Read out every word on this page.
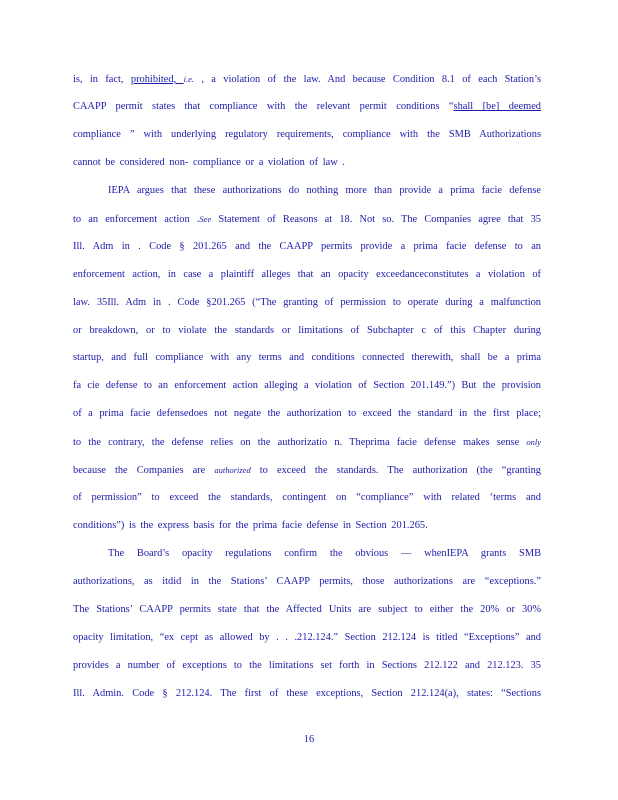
is, in fact, prohibited, i.e. , a violation of the law. And because Condition 8.1 of each Station’s
CAAPP permit states that compliance with the relevant permit conditions “shall [be] deemed
compliance ” with underlying regulatory requirements, compliance with the SMB Authorizations
cannot be considered non- compliance or a violation of law .
IEPA argues that these authorizations do nothing more than provide a prima facie defense
to an enforcement action .See Statement of Reasons at 18. Not so. The Companies agree that 35
Ill. Adm in . Code § 201.265 and the CAAPP permits provide a prima facie defense to an
enforcement action, in case a plaintiff alleges that an opacity exceedanceconstitutes a violation of
law. 35Ill. Adm in . Code §201.265 (“The granting of permission to operate during a malfunction
or breakdown, or to violate the standards or limitations of Subchapter c of this Chapter during
startup, and full compliance with any terms and conditions connected therewith, shall be a prima
fa cie defense to an enforcement action alleging a violation of Section 201.149.”) But the provision
of a prima facie defensedoes not negate the authorization to exceed the standard in the first place;
to the contrary, the defense relies on the authorizatio n. Theprima facie defense makes sense only
because the Companies are authorized to exceed the standards. The authorization (the “granting
of permission” to exceed the standards, contingent on “compliance” with related ‘terms and
conditions”) is the express basis for the prima facie defense in Section 201.265.
The Board’s opacity regulations confirm the obvious — whenIEPA grants SMB
authorizations, as itdid in the Stations’ CAAPP permits, those authorizations are “exceptions.”
The Stations’ CAAPP permits state that the Affected Units are subject to either the 20% or 30%
opacity limitation, “ex cept as allowed by . . .212.124.” Section 212.124 is titled “Exceptions” and
provides a number of exceptions to the limitations set forth in Sections 212.122 and 212.123. 35
Ill. Admin. Code § 212.124. The first of these exceptions, Section 212.124(a), states: “Sections
16
